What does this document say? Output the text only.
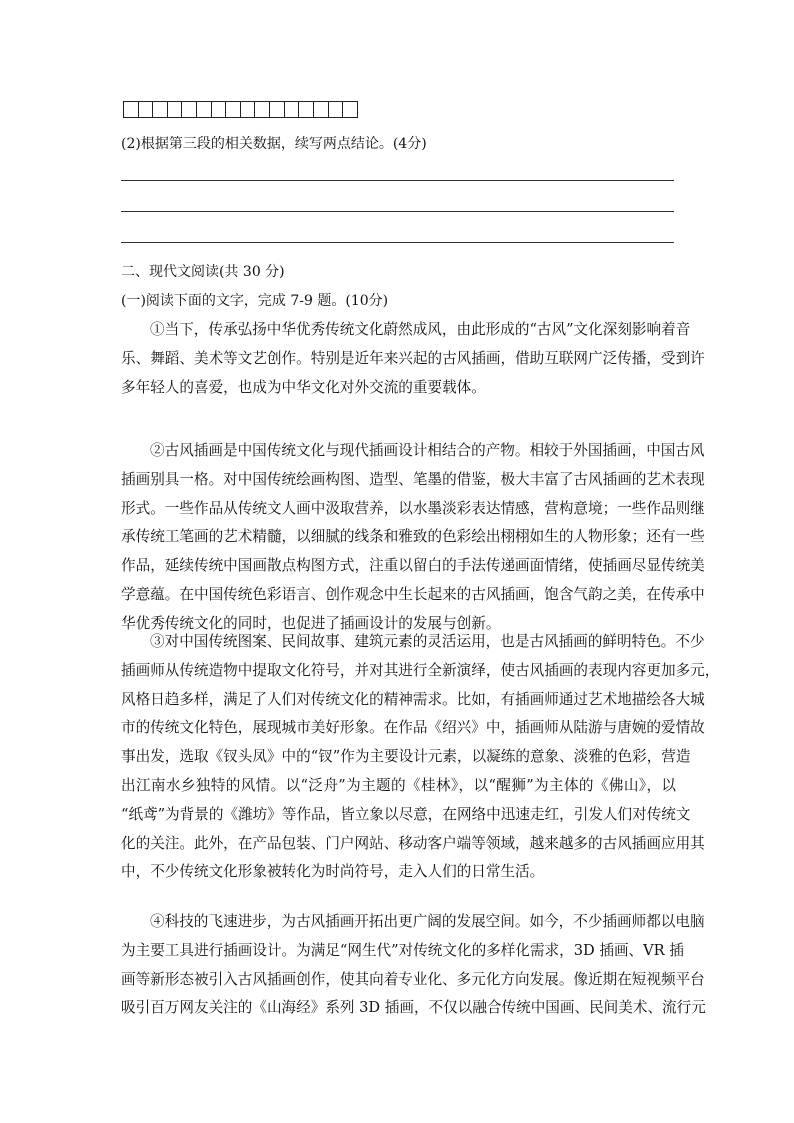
(2)根据第三段的相关数据，续写两点结论。(4分)
二、现代文阅读(共 30 分)
(一)阅读下面的文字，完成 7-9 题。(10分)
①当下，传承弘扬中华优秀传统文化蔚然成风，由此形成的“古风”文化深刻影响着音
乐、舞蹈、美术等文艺创作。特别是近年来兴起的古风插画，借助互联网广泛传播，受到许
多年轻人的喜爱，也成为中华文化对外交流的重要载体。
②古风插画是中国传统文化与现代插画设计相结合的产物。相较于外国插画，中国古风
插画别具一格。对中国传统绘画构图、造型、笔墨的借鉴，极大丰富了古风插画的艺术表现
形式。一些作品从传统文人画中汲取营养，以水墨淡彩表达情感，营构意境；一些作品则继
承传统工笔画的艺术精髓，以细腻的线条和雅致的色彩绘出栩栩如生的人物形象；还有一些
作品，延续传统中国画散点构图方式，注重以留白的手法传递画面情绪，使插画尽显传统美
学意蕴。在中国传统色彩语言、创作观念中生长起来的古风插画，饱含气韵之美，在传承中
华优秀传统文化的同时，也促进了插画设计的发展与创新。
③对中国传统图案、民间故事、建筑元素的灵活运用，也是古风插画的鲜明特色。不少
插画师从传统造物中提取文化符号，并对其进行全新演绎，使古风插画的表现内容更加多元，
风格日趋多样，满足了人们对传统文化的精神需求。比如，有插画师通过艺术地描绘各大城
市的传统文化特色，展现城市美好形象。在作品《绍兴》中，插画师从陆游与唐婉的爱情故
事出发，选取《钗头凤》中的“钗”作为主要设计元素，以凝练的意象、淡雅的色彩，营造
出江南水乡独特的风情。以“泛舟”为主题的《桂林》，以“醒狮”为主体的《佛山》，以
“纸鸢”为背景的《潍坊》等作品，皆立象以尽意，在网络中迅速走红，引发人们对传统文
化的关注。此外，在产品包装、门户网站、移动客户端等领域，越来越多的古风插画应用其
中，不少传统文化形象被转化为时尚符号，走入人们的日常生活。
④科技的飞速进步，为古风插画开拓出更广阔的发展空间。如今，不少插画师都以电脑
为主要工具进行插画设计。为满足“网生代”对传统文化的多样化需求，3D 插画、VR 插
画等新形态被引入古风插画创作，使其向着专业化、多元化方向发展。像近期在短视频平台
吸引百万网友关注的《山海经》系列 3D 插画，不仅以融合传统中国画、民间美术、流行元
